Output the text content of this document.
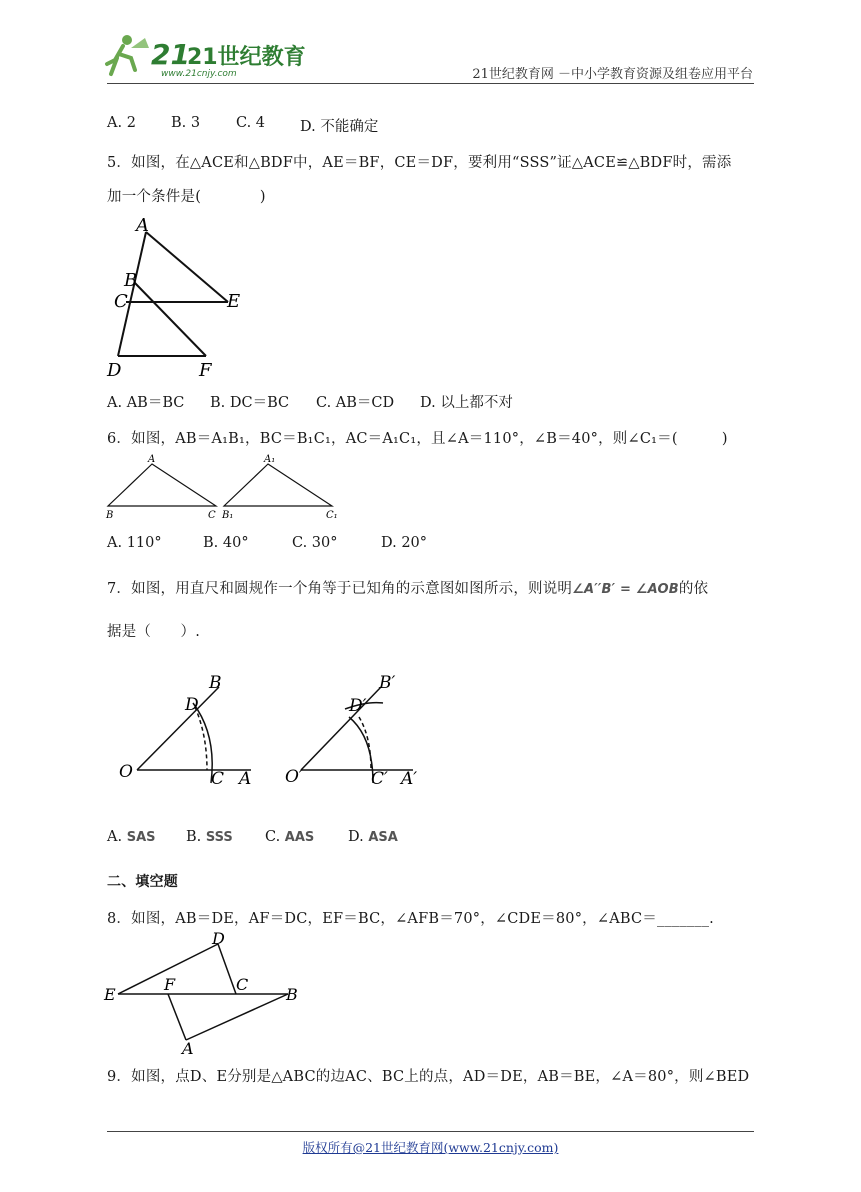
21
21世纪教育
www.21cnjy.com	21世纪教育网 －中小学教育资源及组卷应用平台
A. 2 B. 3 C. 4 D. 不能确定
5．如图，在△ACE和△BDF中，AE＝BF，CE＝DF，要利用“SSS”证△ACE≌△BDF时，需添
加一个条件是(　　　　)
A
B
C	E
D	F
A. AB＝BC B. DC＝BC C. AB＝CD D. 以上都不对
6．如图，AB＝A₁B₁，BC＝B₁C₁，AC＝A₁C₁，且∠A＝110°，∠B＝40°，则∠C₁＝(　　　)
A
B	C
A₁
B₁	C₁
A. 110°	B. 40°	C. 30°	D. 20°
7．如图，用直尺和圆规作一个角等于已知角的示意图如图所示，则说明∠A′′B′ = ∠AOB的依
据是（　　）.
O
B
D
C A O′
B′
D′
C′ A′
A. SAS B. SSS C. AAS D. ASA
二、填空题
8．如图，AB＝DE，AF＝DC，EF＝BC，∠AFB＝70°，∠CDE＝80°，∠ABC＝_______.
D
E
F	C
B
A
9．如图，点D、E分别是△ABC的边AC、BC上的点，AD＝DE，AB＝BE，∠A＝80°，则∠BED
版权所有@21世纪教育网(www.21cnjy.com)
